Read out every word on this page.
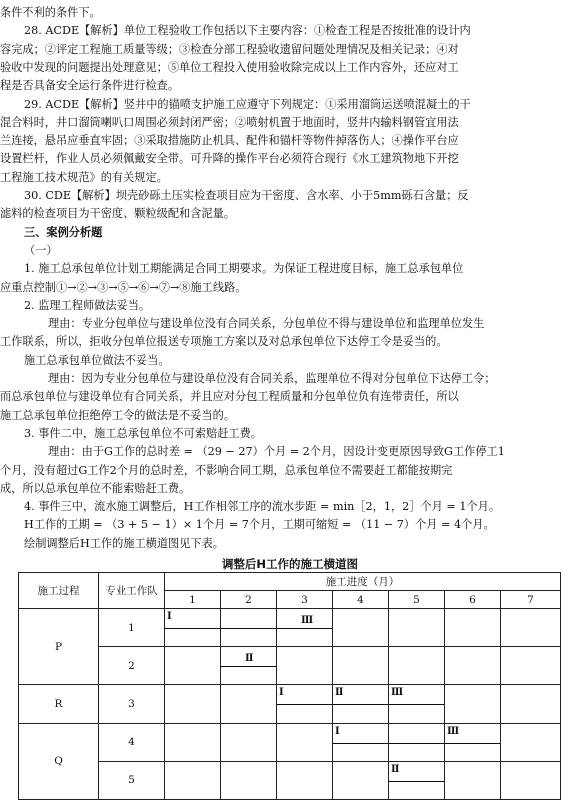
条件不利的条件下。
28. ACDE【解析】单位工程验收工作包括以下主要内容：①检查工程是否按批准的设计内
容完成；②评定工程施工质量等级；③检查分部工程验收遗留问题处理情况及相关记录；④对
验收中发现的问题提出处理意见；⑤单位工程投入使用验收除完成以上工作内容外，还应对工
程是否具备安全运行条件进行检查。
29. ACDE【解析】竖井中的锚喷支护施工应遵守下列规定：①采用溜筒运送喷混凝土的干
混合料时，井口溜筒喇叭口周围必须封闭严密；②喷射机置于地面时，竖井内输料钢管宜用法
兰连接，悬吊应垂直牢固；③采取措施防止机具、配件和锚杆等物件掉落伤人；④操作平台应
设置栏杆，作业人员必须佩戴安全带。可升降的操作平台必须符合现行《水工建筑物地下开挖
工程施工技术规范》的有关规定。
30. CDE【解析】坝壳砂砾土压实检查项目应为干密度、含水率、小于5mm砾石含量；反
滤料的检查项目为干密度、颗粒级配和含泥量。
三、案例分析题
（一）
1. 施工总承包单位计划工期能满足合同工期要求。为保证工程进度目标，施工总承包单位
应重点控制①→②→③→⑤→⑥→⑦→⑧施工线路。
2. 监理工程师做法妥当。
理由：专业分包单位与建设单位没有合同关系，分包单位不得与建设单位和监理单位发生
工作联系，所以，拒收分包单位报送专项施工方案以及对总承包单位下达停工令是妥当的。
施工总承包单位做法不妥当。
理由：因为专业分包单位与建设单位没有合同关系，监理单位不得对分包单位下达停工令；
而总承包单位与建设单位有合同关系，并且应对分包工程质量和分包单位负有连带责任，所以
施工总承包单位拒绝停工令的做法是不妥当的。
3. 事件二中，施工总承包单位不可索赔赶工费。
理由：由于G工作的总时差 = （29 − 27）个月 = 2个月，因设计变更原因导致G工作停工1
个月，没有超过G工作2个月的总时差，不影响合同工期，总承包单位不需要赶工都能按期完
成，所以总承包单位不能索赔赶工费。
4. 事件三中，流水施工调整后，H工作相邻工序的流水步距 = min［2，1，2］个月 = 1个月。
H工作的工期 = （3 + 5 − 1）× 1个月 = 7个月，工期可缩短 = （11 − 7）个月 = 4个月。
绘制调整后H工作的施工横道图见下表。
调整后H工作的施工横道图
施工过程	专业工作队	施工进度（月）						
		1	2	3	4	5	6	7
P	1	Ⅰ		Ⅲ				

	2		Ⅱ					

R	3			Ⅰ	Ⅱ	Ⅲ		

Q	4				Ⅰ		Ⅲ	

	5					Ⅱ		
